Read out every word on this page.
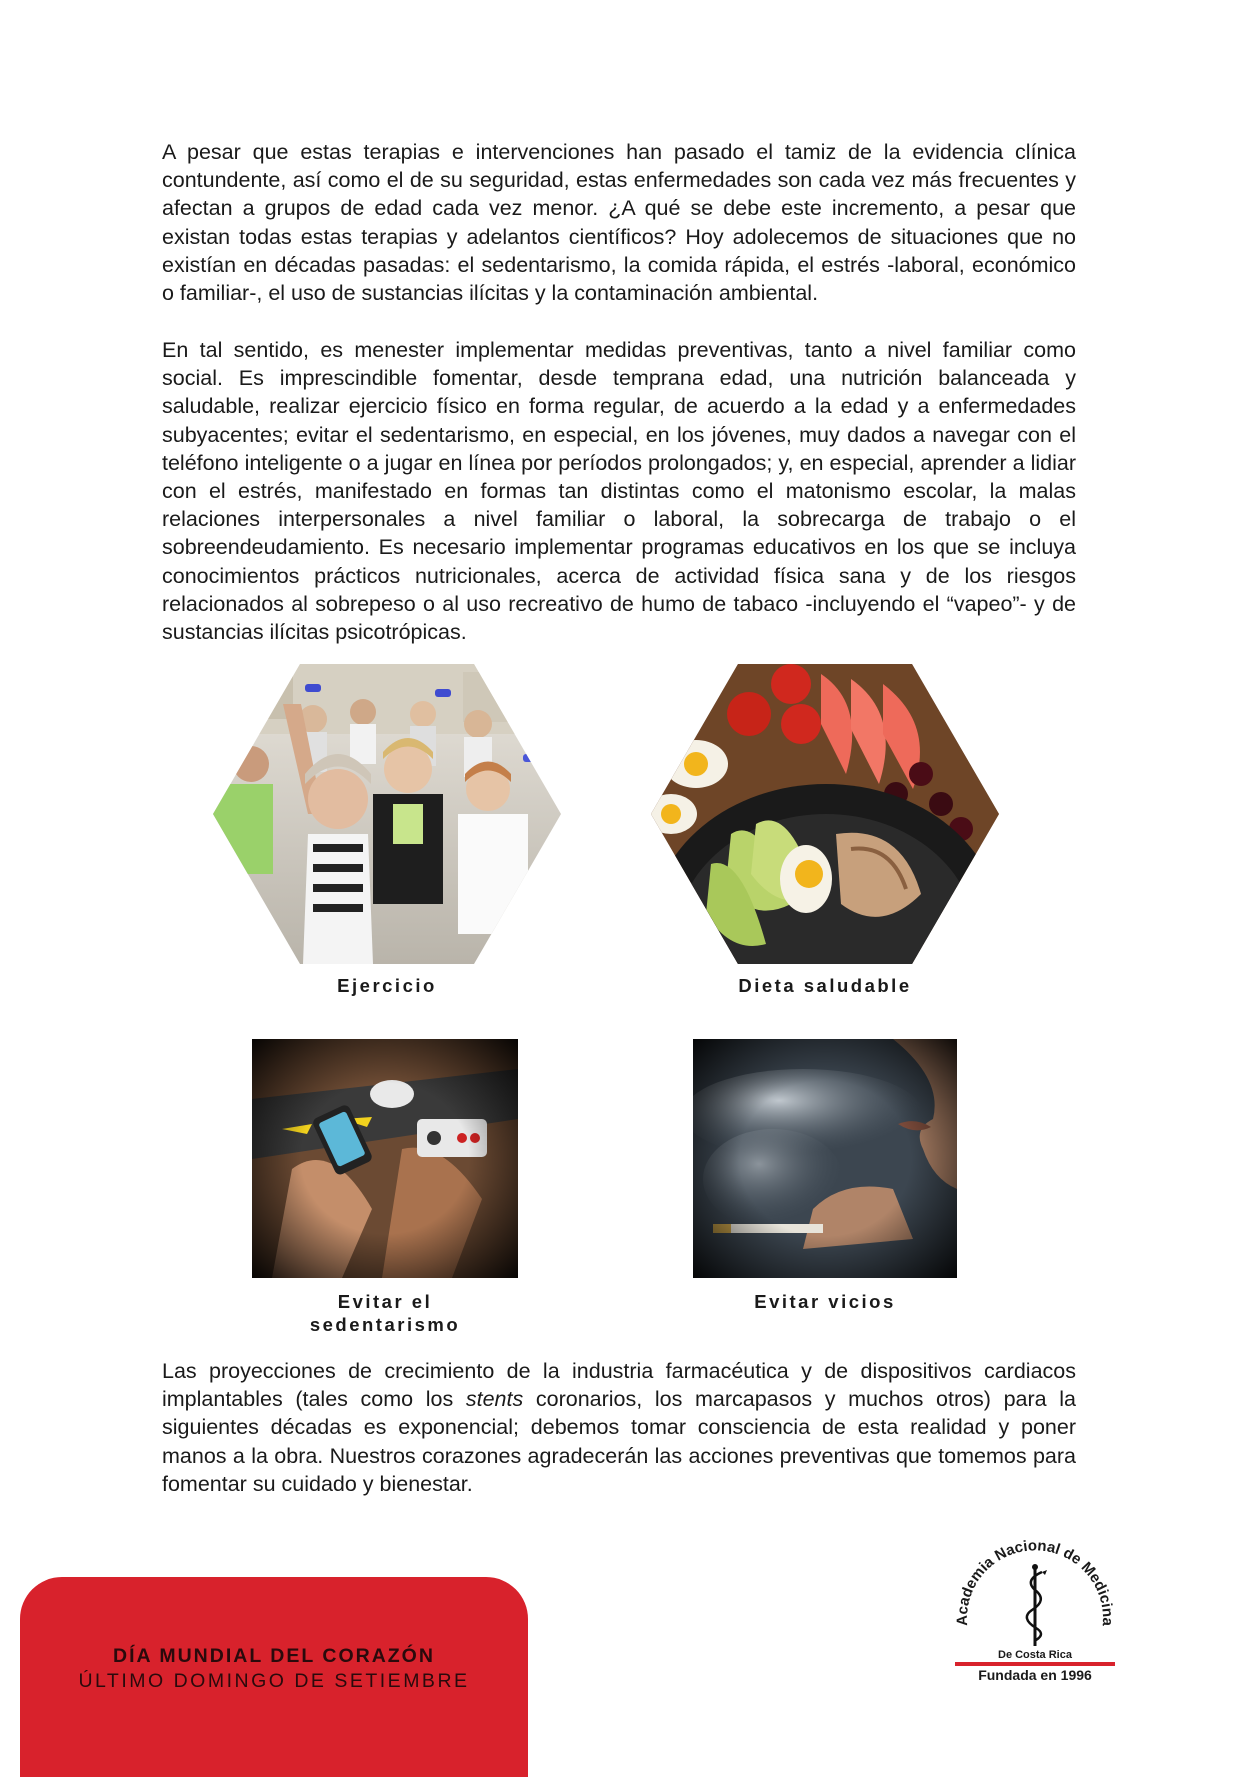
A pesar que estas terapias e intervenciones han pasado el tamiz de la evidencia clínica contundente, así como el de su seguridad, estas enfermedades son cada vez más frecuentes y afectan a grupos de edad cada vez menor. ¿A qué se debe este incremento, a pesar que existan todas estas terapias y adelantos científicos? Hoy adolecemos de situaciones que no existían en décadas pasadas: el sedentarismo, la comida rápida, el estrés -laboral, económico o familiar-, el uso de sustancias ilícitas y la contaminación ambiental.

En tal sentido, es menester implementar medidas preventivas, tanto a nivel familiar como social. Es imprescindible fomentar, desde temprana edad, una nutrición balanceada y saludable, realizar ejercicio físico en forma regular, de acuerdo a la edad y a enfermedades subyacentes; evitar el sedentarismo, en especial, en los jóvenes, muy dados a navegar con el teléfono inteligente o a jugar en línea por períodos prolongados; y, en especial, aprender a lidiar con el estrés, manifestado en formas tan distintas como el matonismo escolar, la malas relaciones interpersonales a nivel familiar o laboral, la sobrecarga de trabajo o el sobreendeudamiento. Es necesario implementar programas educativos en los que se incluya conocimientos prácticos nutricionales, acerca de actividad física sana y de los riesgos relacionados al sobrepeso o al uso recreativo de humo de tabaco -incluyendo el “vapeo”- y de sustancias ilícitas psicotrópicas.

Ejercicio	Dieta saludable
Evitar el
sedentarismo
Evitar vicios

Las proyecciones de crecimiento de la industria farmacéutica y de dispositivos cardiacos implantables (tales como los stents coronarios, los marcapasos y muchos otros) para la siguientes décadas es exponencial; debemos tomar consciencia de esta realidad y poner manos a la obra. Nuestros corazones agradecerán las acciones preventivas que tomemos para fomentar su cuidado y bienestar.

DÍA MUNDIAL DEL CORAZÓN
ÚLTIMO DOMINGO DE SETIEMBRE
Academia Nacional de Medicina
De Costa Rica
Fundada en 1996
